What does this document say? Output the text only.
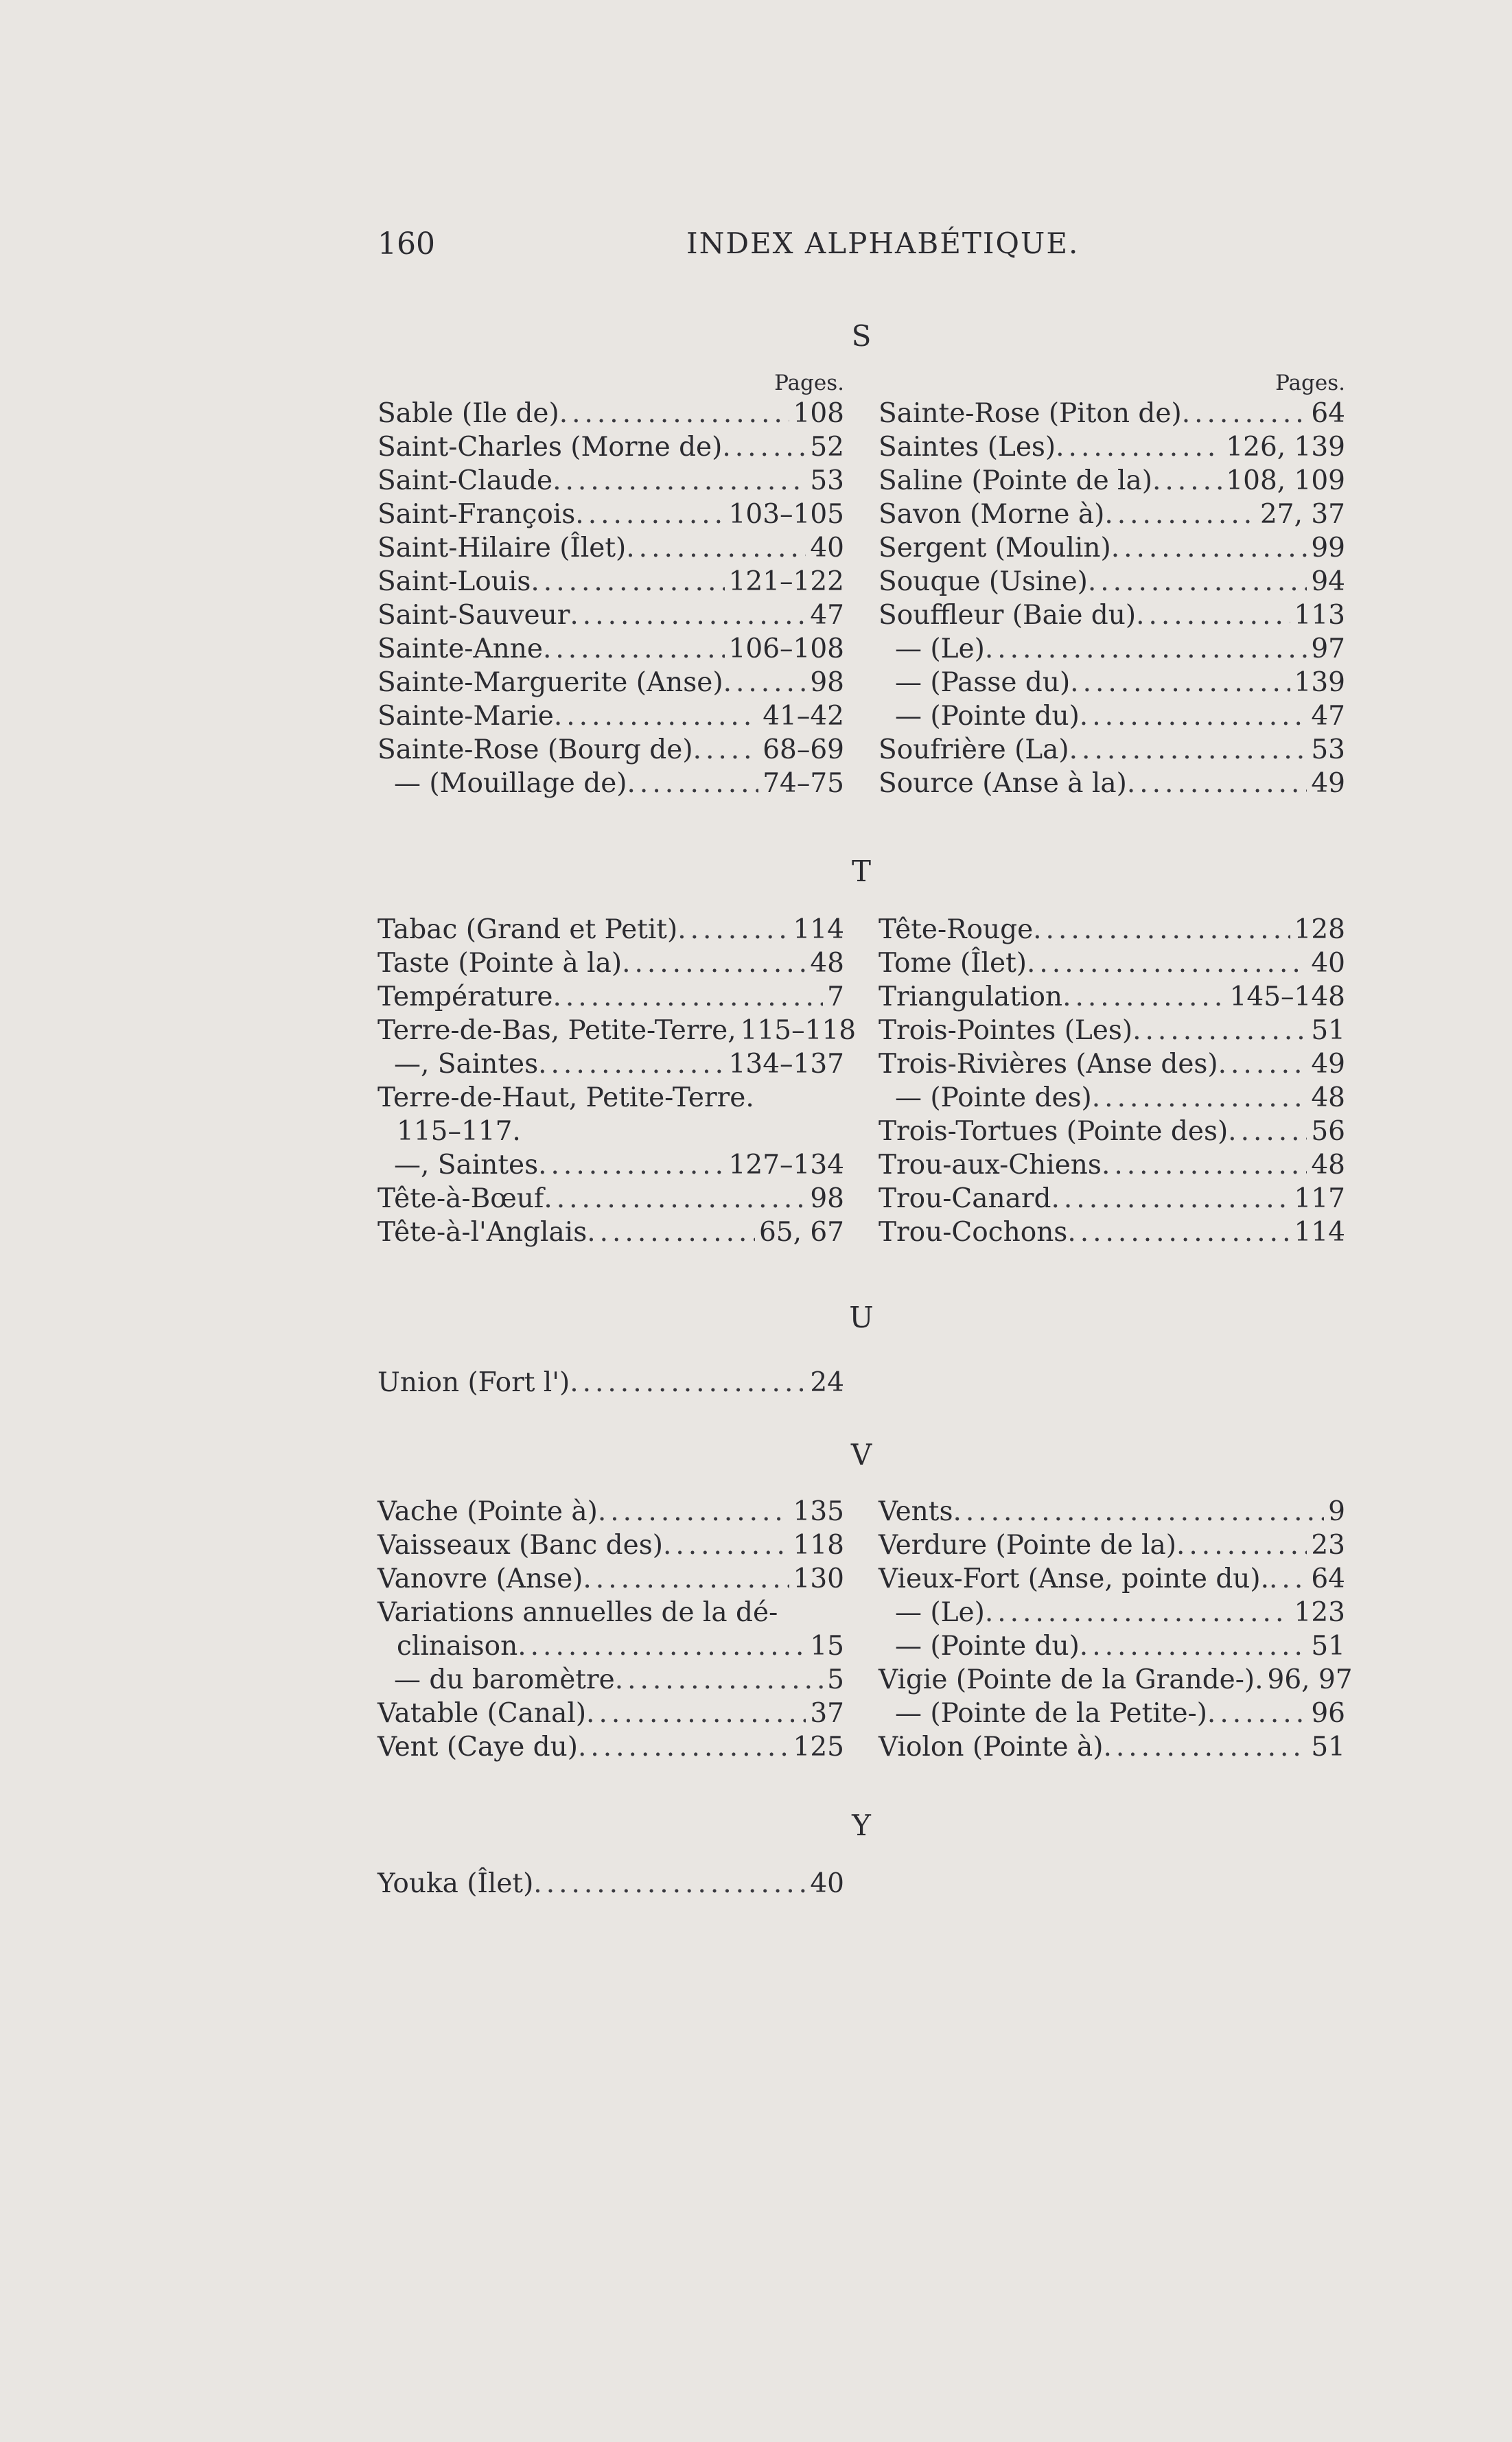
160	INDEX ALPHABÉTIQUE.
S
Pages.
Sable (Ile de) .....	108
Saint-Charles (Morne de) .....	52
Saint-Claude .....	53
Saint-François .....	103–105
Saint-Hilaire (Îlet) .....	40
Saint-Louis .....	121–122
Saint-Sauveur .....	47
Sainte-Anne .....	106–108
Sainte-Marguerite (Anse) .....	98
Sainte-Marie .....	41–42
Sainte-Rose (Bourg de) .....	68–69
— (Mouillage de) .....	74–75
Pages.
Sainte-Rose (Piton de) .....	64
Saintes (Les) .....	126, 139
Saline (Pointe de la) .....	108, 109
Savon (Morne à) .....	27, 37
Sergent (Moulin) .....	99
Souque (Usine) .....	94
Souffleur (Baie du) .....	113
— (Le) .....	97
— (Passe du) .....	139
— (Pointe du) .....	47
Soufrière (La) .....	53
Source (Anse à la) .....	49
T
Tabac (Grand et Petit) .....	114
Taste (Pointe à la) .....	48
Température .....	7
Terre-de-Bas, Petite-Terre, 115–118
—, Saintes .....	134–137
Terre-de-Haut, Petite-Terre.
115–117.
—, Saintes .....	127–134
Tête-à-Bœuf .....	98
Tête-à-l'Anglais .....	65, 67
Tête-Rouge .....	128
Tome (Îlet) .....	40
Triangulation .....	145–148
Trois-Pointes (Les) .....	51
Trois-Rivières (Anse des) .....	49
— (Pointe des) .....	48
Trois-Tortues (Pointe des) .....	56
Trou-aux-Chiens .....	48
Trou-Canard .....	117
Trou-Cochons .....	114
U
Union (Fort l') .....	24
V
Vache (Pointe à) .....	135
Vaisseaux (Banc des) .....	118
Vanovre (Anse) .....	130
Variations annuelles de la dé-
clinaison .....	15
— du baromètre .....	5
Vatable (Canal) .....	37
Vent (Caye du) .....	125
Vents .....	9
Verdure (Pointe de la) .....	23
Vieux-Fort (Anse, pointe du). ..... 64
— (Le) .....	123
— (Pointe du) .....	51
Vigie (Pointe de la Grande-). 96, 97
— (Pointe de la Petite-) .....	96
Violon (Pointe à) .....	51
Y
Youka (Îlet) .....	40
